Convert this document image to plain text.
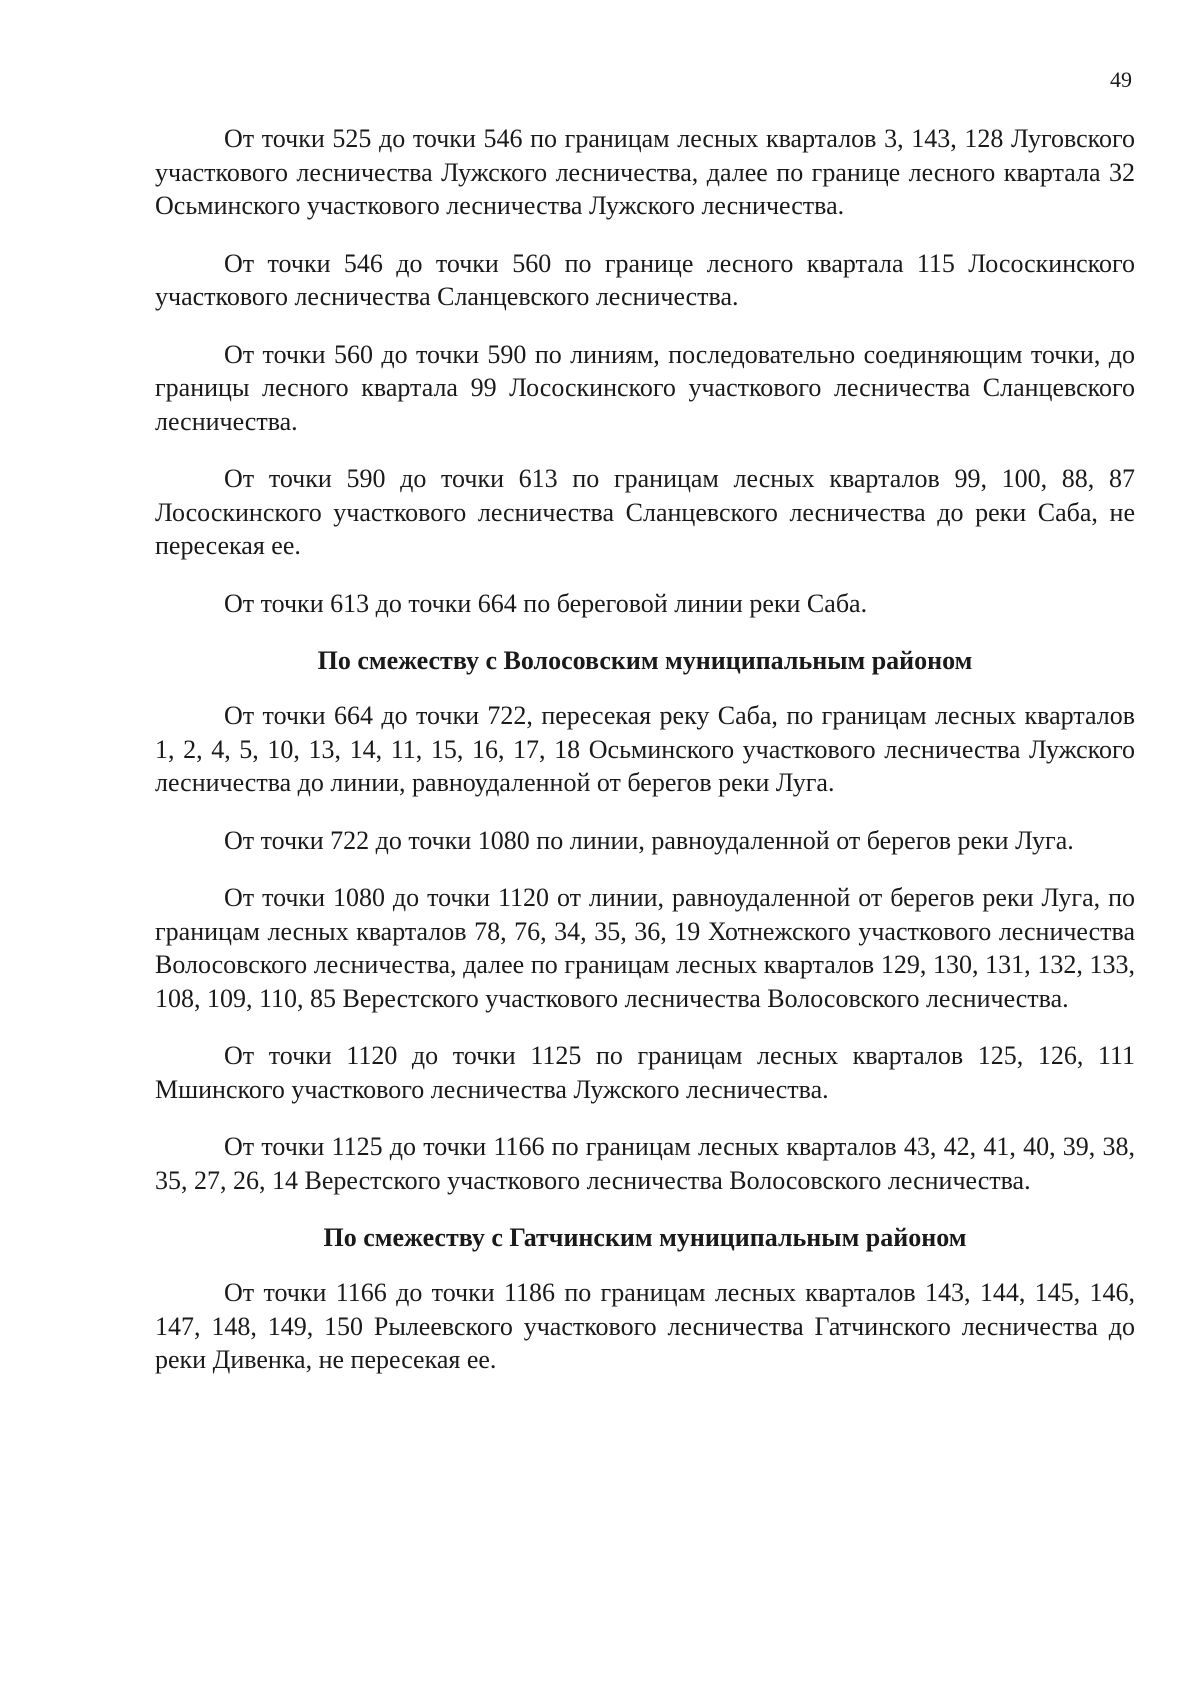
49

От точки 525 до точки 546 по границам лесных кварталов 3, 143, 128 Луговского участкового лесничества Лужского лесничества, далее по границе лесного квартала 32 Осьминского участкового лесничества Лужского лесничества.

От точки 546 до точки 560 по границе лесного квартала 115 Лососкинского участкового лесничества Сланцевского лесничества.

От точки 560 до точки 590 по линиям, последовательно соединяющим точки, до границы лесного квартала 99 Лососкинского участкового лесничества Сланцевского лесничества.

От точки 590 до точки 613 по границам лесных кварталов 99, 100, 88, 87 Лососкинского участкового лесничества Сланцевского лесничества до реки Саба, не пересекая ее.

От точки 613 до точки 664 по береговой линии реки Саба.

По смежеству с Волосовским муниципальным районом

От точки 664 до точки 722, пересекая реку Саба, по границам лесных кварталов 1, 2, 4, 5, 10, 13, 14, 11, 15, 16, 17, 18 Осьминского участкового лесничества Лужского лесничества до линии, равноудаленной от берегов реки Луга.

От точки 722 до точки 1080 по линии, равноудаленной от берегов реки Луга.

От точки 1080 до точки 1120 от линии, равноудаленной от берегов реки Луга, по границам лесных кварталов 78, 76, 34, 35, 36, 19 Хотнежского участкового лесничества Волосовского лесничества, далее по границам лесных кварталов 129, 130, 131, 132, 133, 108, 109, 110, 85 Верестского участкового лесничества Волосовского лесничества.

От точки 1120 до точки 1125 по границам лесных кварталов 125, 126, 111 Мшинского участкового лесничества Лужского лесничества.

От точки 1125 до точки 1166 по границам лесных кварталов 43, 42, 41, 40, 39, 38, 35, 27, 26, 14 Верестского участкового лесничества Волосовского лесничества.

По смежеству с Гатчинским муниципальным районом

От точки 1166 до точки 1186 по границам лесных кварталов 143, 144, 145, 146, 147, 148, 149, 150 Рылеевского участкового лесничества Гатчинского лесничества до реки Дивенка, не пересекая ее.
